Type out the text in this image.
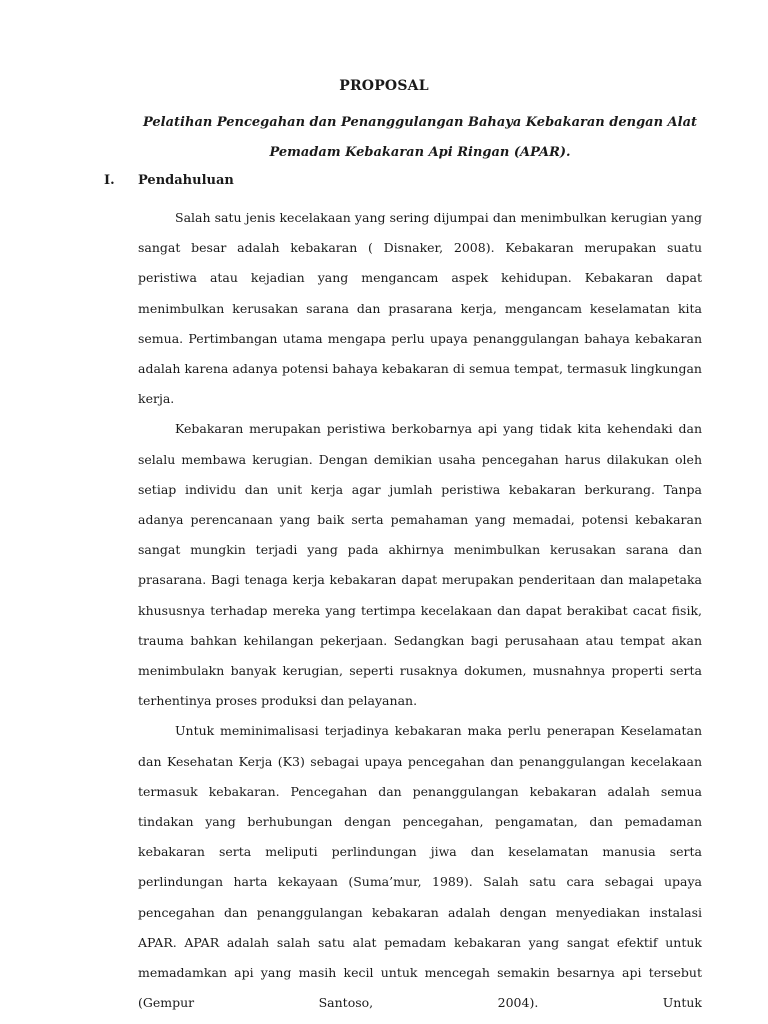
PROPOSAL
Pelatihan Pencegahan dan Penanggulangan Bahaya Kebakaran dengan Alat
Pemadam Kebakaran Api Ringan (APAR).
I. Pendahuluan

Salah satu jenis kecelakaan yang sering dijumpai dan menimbulkan kerugian yang sangat besar adalah kebakaran ( Disnaker, 2008). Kebakaran merupakan suatu peristiwa atau kejadian yang mengancam aspek kehidupan. Kebakaran dapat menimbulkan kerusakan sarana dan prasarana kerja, mengancam keselamatan kita semua. Pertimbangan utama mengapa perlu upaya penanggulangan bahaya kebakaran adalah karena adanya potensi bahaya kebakaran di semua tempat, termasuk lingkungan kerja.

Kebakaran merupakan peristiwa berkobarnya api yang tidak kita kehendaki dan selalu membawa kerugian. Dengan demikian usaha pencegahan harus dilakukan oleh setiap individu dan unit kerja agar jumlah peristiwa kebakaran berkurang. Tanpa adanya perencanaan yang baik serta pemahaman yang memadai, potensi kebakaran sangat mungkin terjadi yang pada akhirnya menimbulkan kerusakan sarana dan prasarana. Bagi tenaga kerja kebakaran dapat merupakan penderitaan dan malapetaka khususnya terhadap mereka yang tertimpa kecelakaan dan dapat berakibat cacat fisik, trauma bahkan kehilangan pekerjaan. Sedangkan bagi perusahaan atau tempat akan menimbulakn banyak kerugian, seperti rusaknya dokumen, musnahnya properti serta terhentinya proses produksi dan pelayanan.

Untuk meminimalisasi terjadinya kebakaran maka perlu penerapan Keselamatan dan Kesehatan Kerja (K3) sebagai upaya pencegahan dan penanggulangan kecelakaan termasuk kebakaran. Pencegahan dan penanggulangan kebakaran adalah semua tindakan yang berhubungan dengan pencegahan, pengamatan, dan pemadaman kebakaran serta meliputi perlindungan jiwa dan keselamatan manusia serta perlindungan harta kekayaan (Suma’mur, 1989). Salah satu cara sebagai upaya pencegahan dan penanggulangan kebakaran adalah dengan menyediakan instalasi APAR. APAR adalah salah satu alat pemadam kebakaran yang sangat efektif untuk memadamkan api yang masih kecil untuk mencegah semakin besarnya api tersebut (Gempur Santoso, 2004). Untuk
